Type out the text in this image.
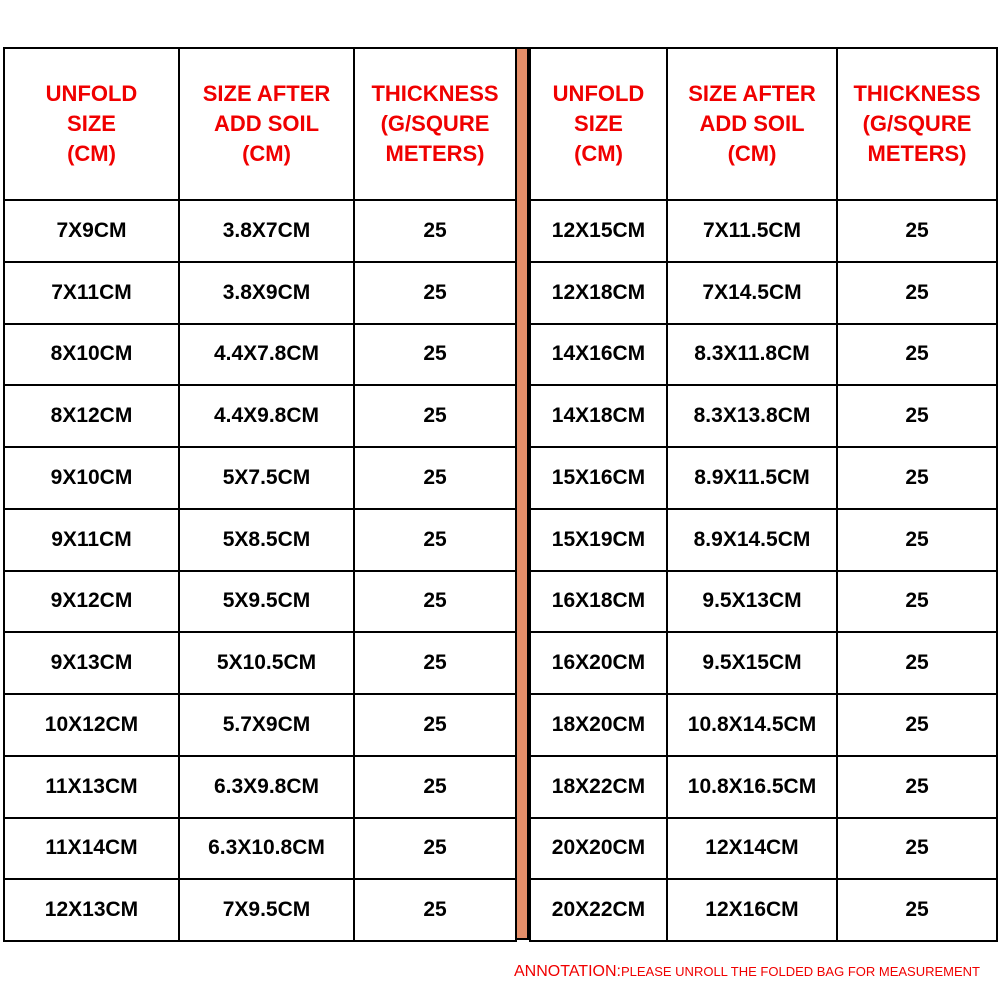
UNFOLD
SIZE
(CM)	SIZE AFTER
ADD SOIL
(CM)	THICKNESS
(G/SQURE
METERS)
7X9CM	3.8X7CM	25
7X11CM	3.8X9CM	25
8X10CM	4.4X7.8CM	25
8X12CM	4.4X9.8CM	25
9X10CM	5X7.5CM	25
9X11CM	5X8.5CM	25
9X12CM	5X9.5CM	25
9X13CM	5X10.5CM	25
10X12CM	5.7X9CM	25
11X13CM	6.3X9.8CM	25
11X14CM	6.3X10.8CM	25
12X13CM	7X9.5CM	25
UNFOLD
SIZE
(CM)	SIZE AFTER
ADD SOIL
(CM)	THICKNESS
(G/SQURE
METERS)
12X15CM	7X11.5CM	25
12X18CM	7X14.5CM	25
14X16CM	8.3X11.8CM	25
14X18CM	8.3X13.8CM	25
15X16CM	8.9X11.5CM	25
15X19CM	8.9X14.5CM	25
16X18CM	9.5X13CM	25
16X20CM	9.5X15CM	25
18X20CM	10.8X14.5CM	25
18X22CM	10.8X16.5CM	25
20X20CM	12X14CM	25
20X22CM	12X16CM	25
ANNOTATION:PLEASE UNROLL THE FOLDED BAG FOR MEASUREMENT
